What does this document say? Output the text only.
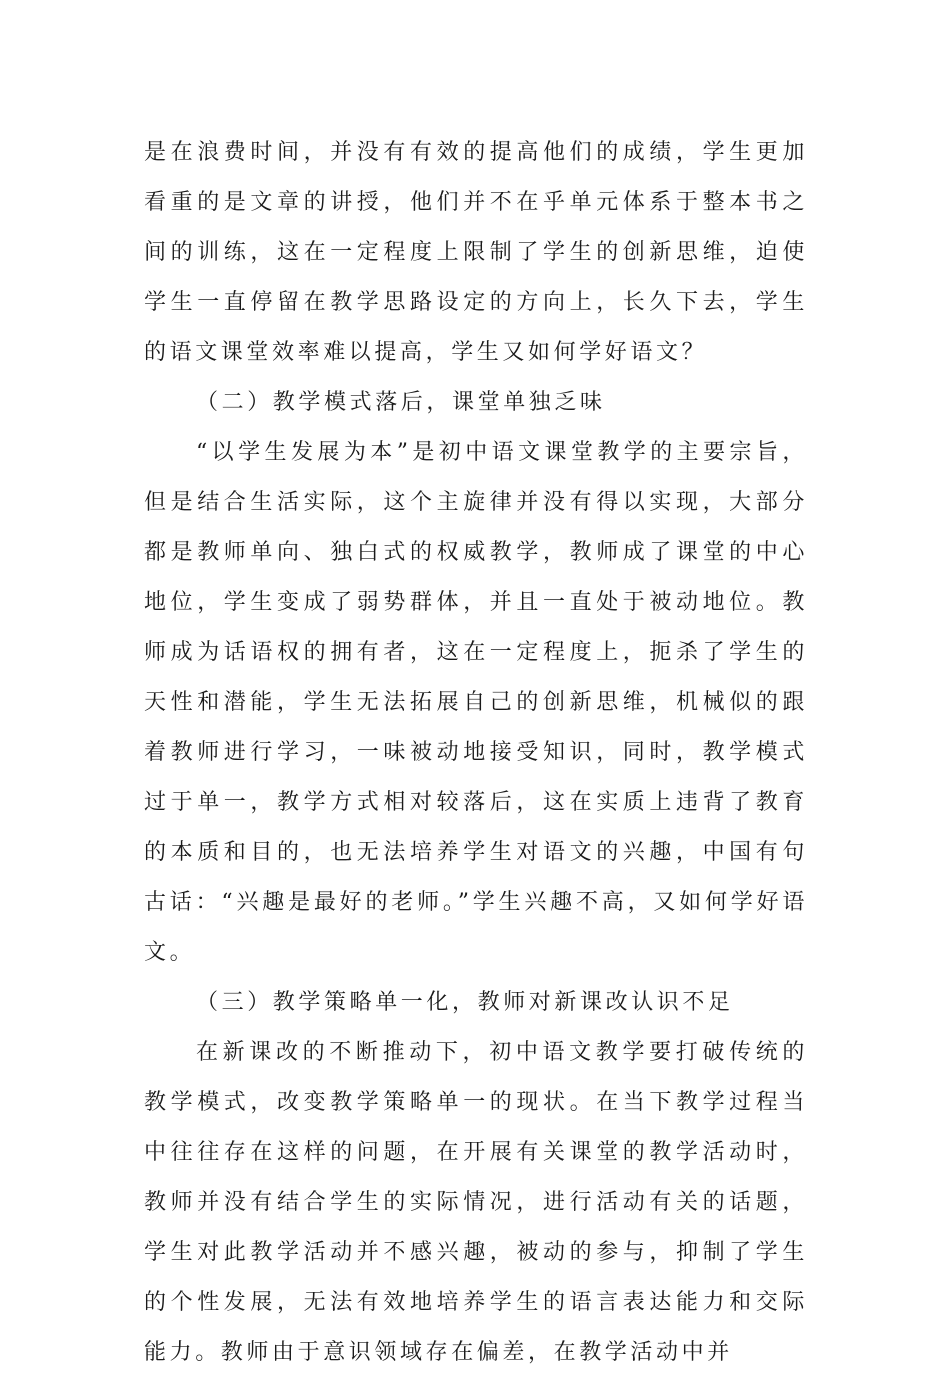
是在浪费时间，并没有有效的提高他们的成绩，学生更加看重的是文章的讲授，他们并不在乎单元体系于整本书之间的训练，这在一定程度上限制了学生的创新思维，迫使学生一直停留在教学思路设定的方向上，长久下去，学生的语文课堂效率难以提高，学生又如何学好语文？

（二）教学模式落后，课堂单独乏味

“以学生发展为本”是初中语文课堂教学的主要宗旨，但是结合生活实际，这个主旋律并没有得以实现，大部分都是教师单向、独白式的权威教学，教师成了课堂的中心地位，学生变成了弱势群体，并且一直处于被动地位。教师成为话语权的拥有者，这在一定程度上，扼杀了学生的天性和潜能，学生无法拓展自己的创新思维，机械似的跟着教师进行学习，一味被动地接受知识，同时，教学模式过于单一，教学方式相对较落后，这在实质上违背了教育的本质和目的，也无法培养学生对语文的兴趣，中国有句古话：“兴趣是最好的老师。”学生兴趣不高，又如何学好语文。

（三）教学策略单一化，教师对新课改认识不足

在新课改的不断推动下，初中语文教学要打破传统的教学模式，改变教学策略单一的现状。在当下教学过程当中往往存在这样的问题，在开展有关课堂的教学活动时，教师并没有结合学生的实际情况，进行活动有关的话题，学生对此教学活动并不感兴趣，被动的参与，抑制了学生的个性发展，无法有效地培养学生的语言表达能力和交际能力。教师由于意识领域存在偏差，在教学活动中并
